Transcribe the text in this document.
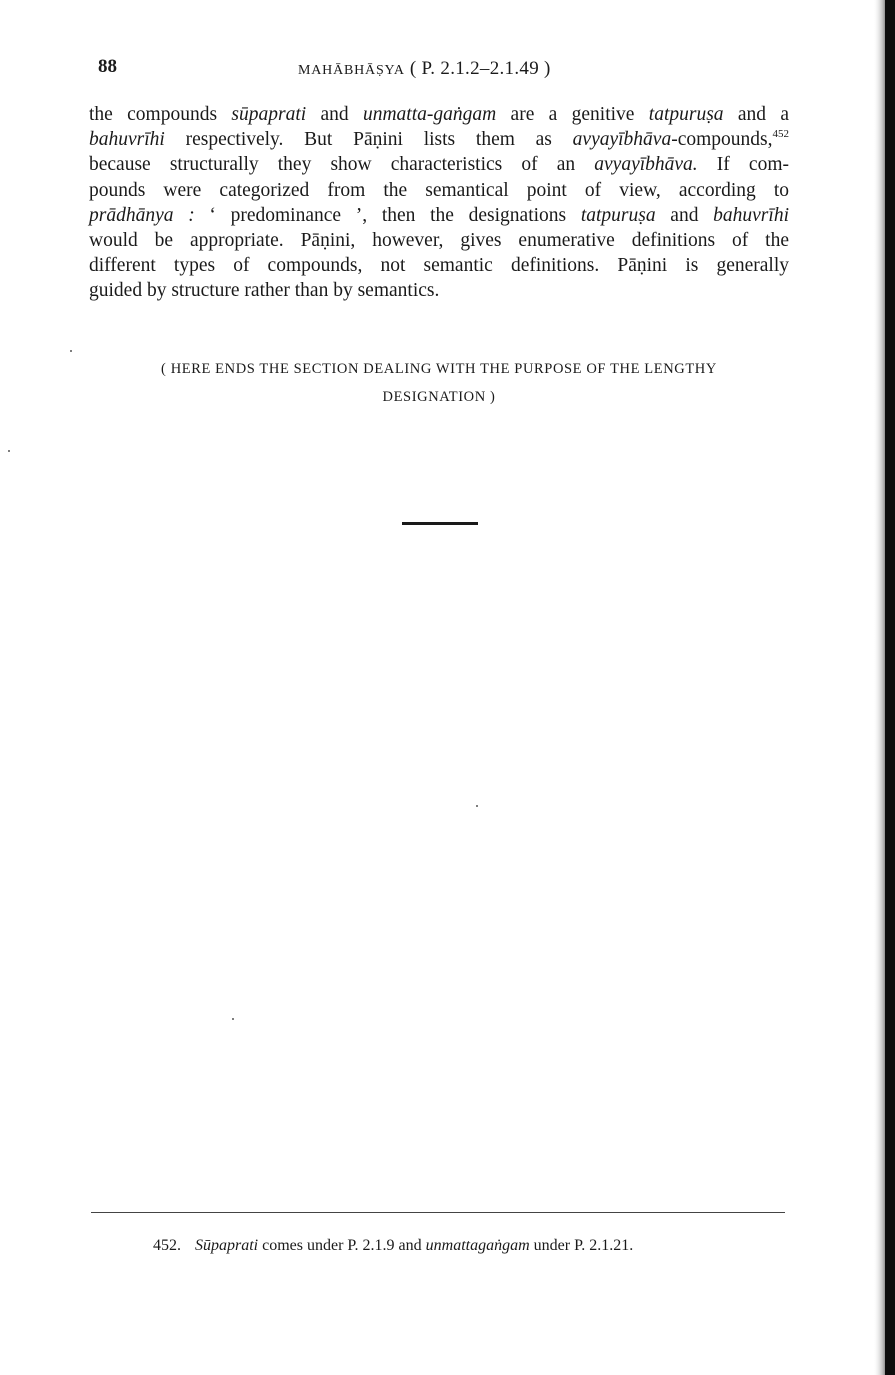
88	MAHĀBHĀṢYA ( P. 2.1.2–2.1.49 )
the compounds sūpaprati and unmatta-gaṅgam are a genitive tatpuruṣa and a
bahuvrīhi respectively. But Pāṇini lists them as avyayībhāva-compounds,$^{452}$
because structurally they show characteristics of an avyayībhāva. If com-
pounds were categorized from the semantical point of view, according to
prādhānya : ‘ predominance ’, then the designations tatpuruṣa and bahuvrīhi
would be appropriate. Pāṇini, however, gives enumerative definitions of the
different types of compounds, not semantic definitions. Pāṇini is generally
guided by structure rather than by semantics.
( HERE ENDS THE SECTION DEALING WITH THE PURPOSE OF THE LENGTHY
DESIGNATION )
452. Sūpaprati comes under P. 2.1.9 and unmattagaṅgam under P. 2.1.21.
